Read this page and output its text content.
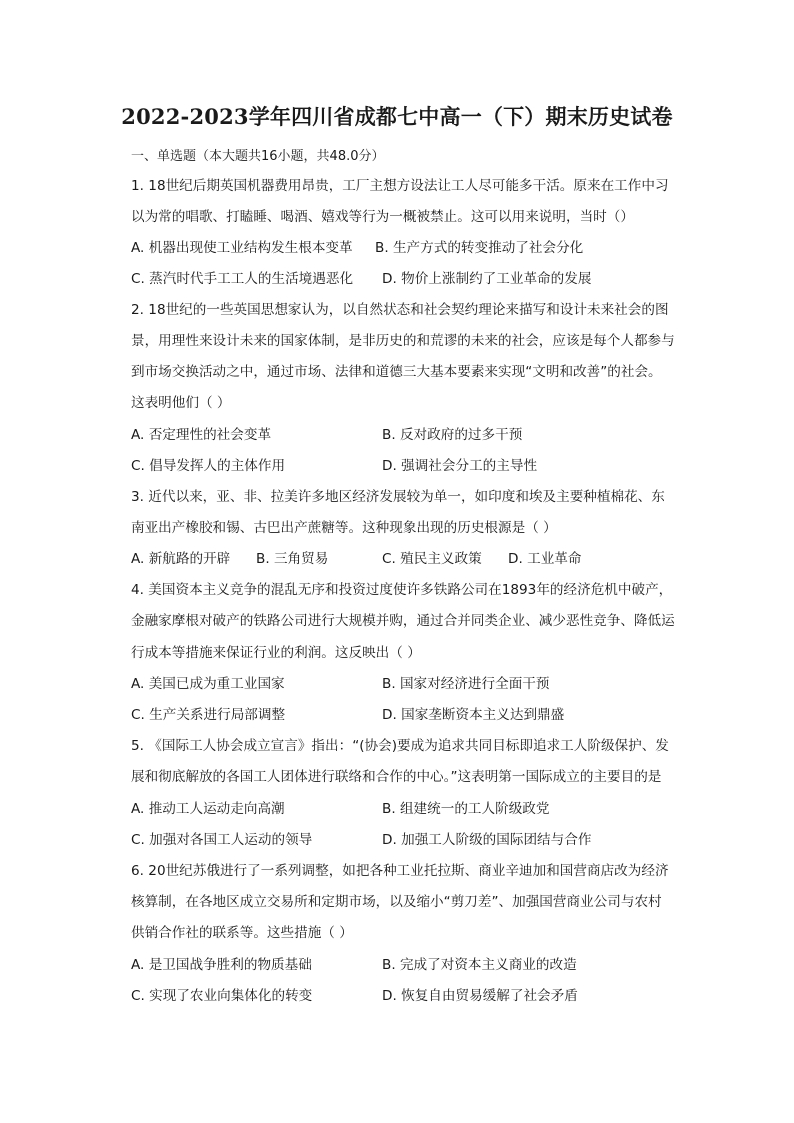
2022-2023学年四川省成都七中高一（下）期末历史试卷
一、单选题（本大题共16小题，共48.0分）
1. 18世纪后期英国机器费用昂贵，工厂主想方设法让工人尽可能多干活。原来在工作中习
以为常的唱歌、打瞌睡、喝酒、嬉戏等行为一概被禁止。这可以用来说明，当时（）
A. 机器出现使工业结构发生根本变革 B. 生产方式的转变推动了社会分化
C. 蒸汽时代手工工人的生活境遇恶化 D. 物价上涨制约了工业革命的发展
2. 18世纪的一些英国思想家认为，以自然状态和社会契约理论来描写和设计未来社会的图
景，用理性来设计未来的国家体制，是非历史的和荒谬的未来的社会，应该是每个人都参与
到市场交换活动之中，通过市场、法律和道德三大基本要素来实现“文明和改善”的社会。
这表明他们（ ）
A. 否定理性的社会变革	B. 反对政府的过多干预
C. 倡导发挥人的主体作用	D. 强调社会分工的主导性
3. 近代以来，亚、非、拉美许多地区经济发展较为单一，如印度和埃及主要种植棉花、东
南亚出产橡胶和锡、古巴出产蔗糖等。这种现象出现的历史根源是（ ）
A. 新航路的开辟 B. 三角贸易	C. 殖民主义政策 D. 工业革命
4. 美国资本主义竞争的混乱无序和投资过度使许多铁路公司在1893年的经济危机中破产，
金融家摩根对破产的铁路公司进行大规模并购，通过合并同类企业、减少恶性竞争、降低运
行成本等措施来保证行业的利润。这反映出（ ）
A. 美国已成为重工业国家	B. 国家对经济进行全面干预
C. 生产关系进行局部调整	D. 国家垄断资本主义达到鼎盛
5. 《国际工人协会成立宣言》指出：“(协会)要成为追求共同目标即追求工人阶级保护、发
展和彻底解放的各国工人团体进行联络和合作的中心。”这表明第一国际成立的主要目的是
A. 推动工人运动走向高潮	B. 组建统一的工人阶级政党
C. 加强对各国工人运动的领导	D. 加强工人阶级的国际团结与合作
6. 20世纪苏俄进行了一系列调整，如把各种工业托拉斯、商业辛迪加和国营商店改为经济
核算制，在各地区成立交易所和定期市场，以及缩小“剪刀差”、加强国营商业公司与农村
供销合作社的联系等。这些措施（ ）
A. 是卫国战争胜利的物质基础	B. 完成了对资本主义商业的改造
C. 实现了农业向集体化的转变	D. 恢复自由贸易缓解了社会矛盾
